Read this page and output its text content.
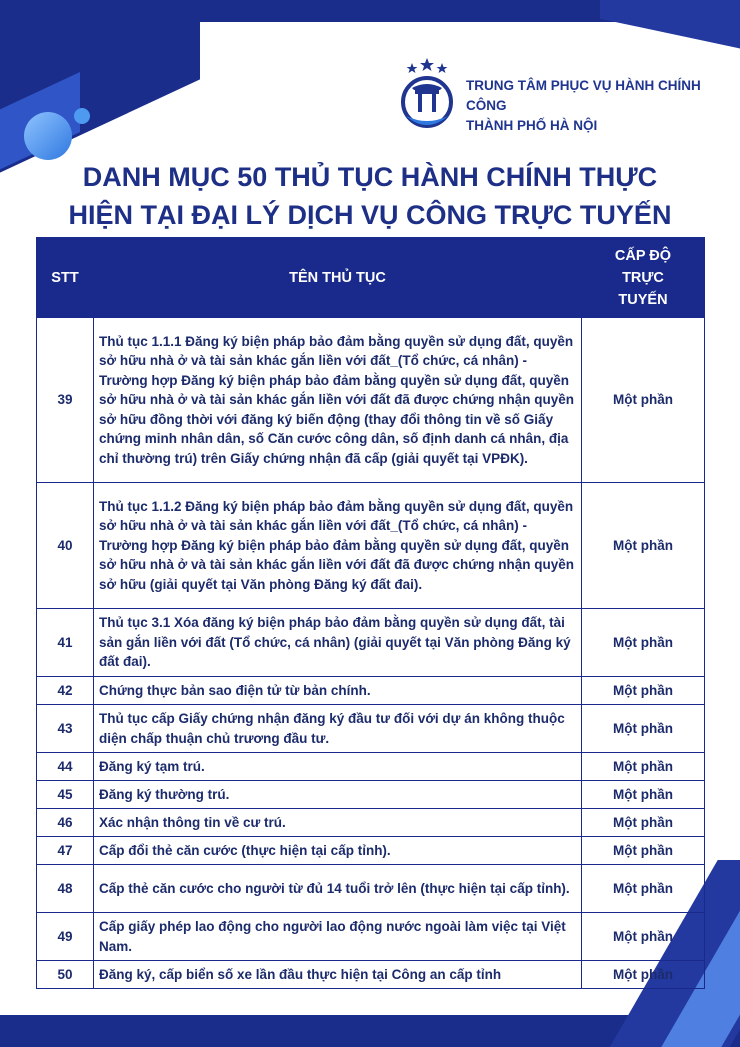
TRUNG TÂM PHỤC VỤ HÀNH CHÍNH CÔNG
THÀNH PHỐ HÀ NỘI
DANH MỤC 50 THỦ TỤC HÀNH CHÍNH THỰC
HIỆN TẠI ĐẠI LÝ DỊCH VỤ CÔNG TRỰC TUYẾN
STT	TÊN THỦ TỤC	CẤP ĐỘ TRỰC TUYẾN
39	Thủ tục 1.1.1 Đăng ký biện pháp bảo đảm bằng quyền sử dụng đất, quyền sở hữu nhà ở và tài sản khác gắn liền với đất_(Tổ chức, cá nhân) - Trường hợp Đăng ký biện pháp bảo đảm bằng quyền sử dụng đất, quyền sở hữu nhà ở và tài sản khác gắn liền với đất đã được chứng nhận quyền sở hữu đồng thời với đăng ký biến động (thay đổi thông tin về số Giấy chứng minh nhân dân, số Căn cước công dân, số định danh cá nhân, địa chỉ thường trú) trên Giấy chứng nhận đã cấp (giải quyết tại VPĐK).	Một phần
40	Thủ tục 1.1.2 Đăng ký biện pháp bảo đảm bằng quyền sử dụng đất, quyền sở hữu nhà ở và tài sản khác gắn liền với đất_(Tổ chức, cá nhân) - Trường hợp Đăng ký biện pháp bảo đảm bằng quyền sử dụng đất, quyền sở hữu nhà ở và tài sản khác gắn liền với đất đã được chứng nhận quyền sở hữu (giải quyết tại Văn phòng Đăng ký đất đai).	Một phần
41	Thủ tục 3.1 Xóa đăng ký biện pháp bảo đảm bằng quyền sử dụng đất, tài sản gắn liền với đất (Tổ chức, cá nhân) (giải quyết tại Văn phòng Đăng ký đất đai).	Một phần
42	Chứng thực bản sao điện tử từ bản chính.	Một phần
43	Thủ tục cấp Giấy chứng nhận đăng ký đầu tư đối với dự án không thuộc diện chấp thuận chủ trương đầu tư.	Một phần
44	Đăng ký tạm trú.	Một phần
45	Đăng ký thường trú.	Một phần
46	Xác nhận thông tin về cư trú.	Một phần
47	Cấp đổi thẻ căn cước (thực hiện tại cấp tỉnh).	Một phần
48	Cấp thẻ căn cước cho người từ đủ 14 tuổi trở lên (thực hiện tại cấp tỉnh).	Một phần
49	Cấp giấy phép lao động cho người lao động nước ngoài làm việc tại Việt Nam.	Một phần
50	Đăng ký, cấp biển số xe lần đầu thực hiện tại Công an cấp tỉnh	Một phần
